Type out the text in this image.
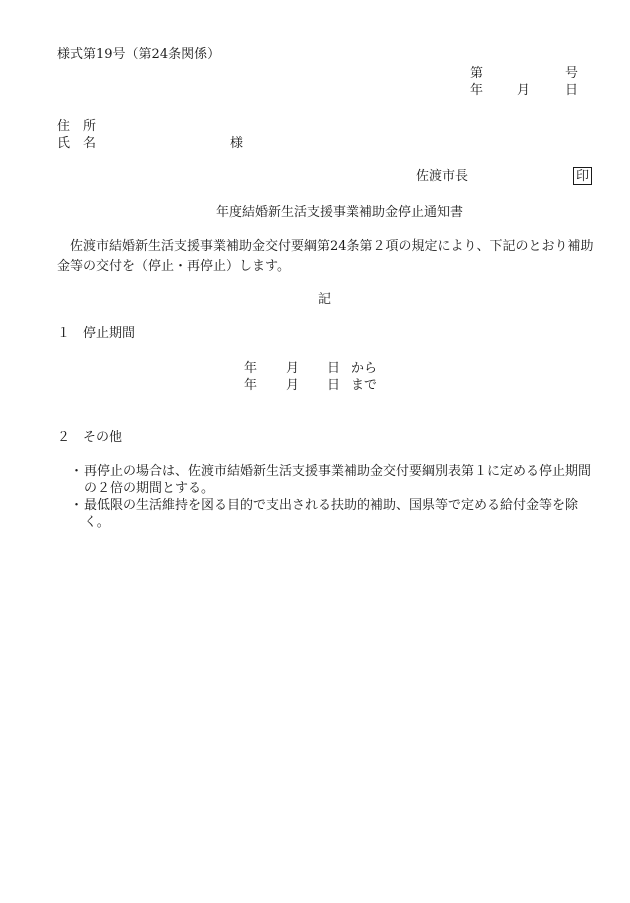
様式第19号（第24条関係）
第	号
年	月	日
住　所
氏　名	様
佐渡市長	印
年度結婚新生活支援事業補助金停止通知書

佐渡市結婚新生活支援事業補助金交付要綱第24条第２項の規定により、下記のとおり補助金等の交付を（停止・再停止）します。

記
１　停止期間
年 月 日 から
年 月 日 まで
２　その他
・ 再停止の場合は、佐渡市結婚新生活支援事業補助金交付要綱別表第１に定める停止期間の２倍の期間とする。
・ 最低限の生活維持を図る目的で支出される扶助的補助、国県等で定める給付金等を除く。
